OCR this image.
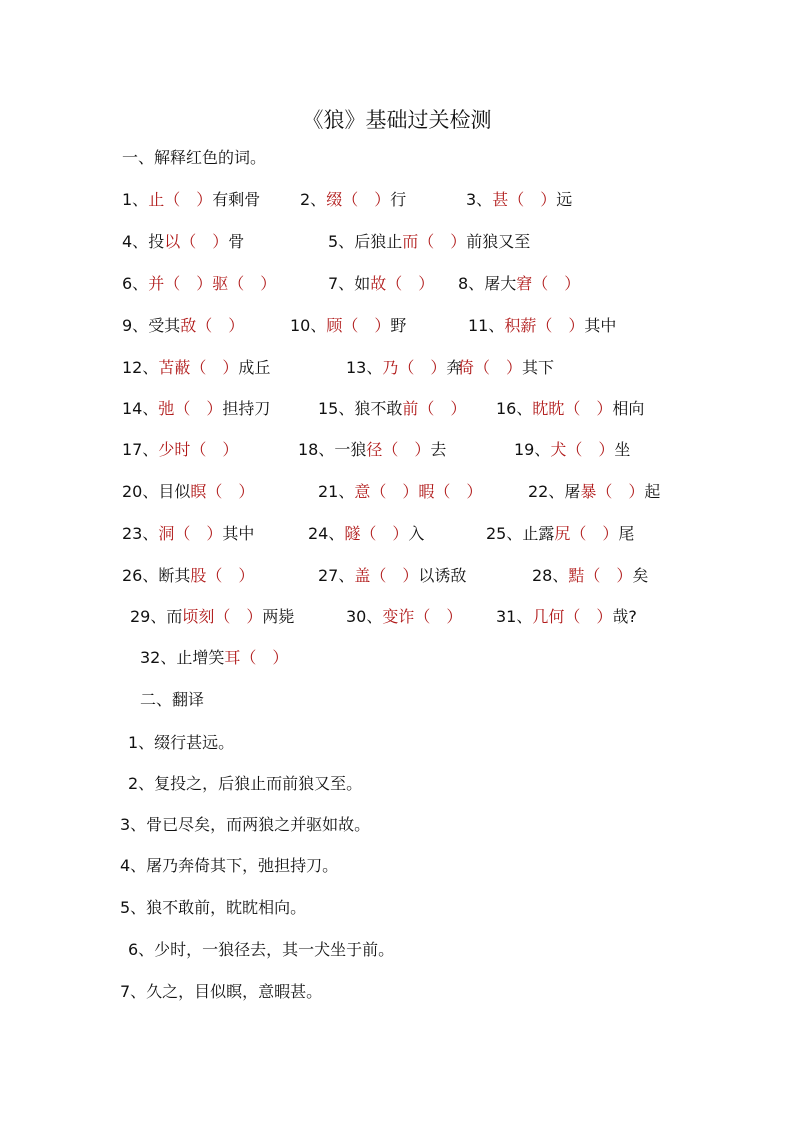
《狼》基础过关检测
一、解释红色的词。
1、止（　）有剩骨 2、缀（　）行	3、甚（　）远
4、投以（　）骨	5、后狼止而（　）前狼又至
6、并（　）驱（　）	7、如故（　） 8、屠大窘（　）
9、受其敌（　）	10、顾（　）野	11、积薪（　）其中
12、苫蔽（　）成丘	13、乃（　）奔
倚（　）其下
14、弛（　）担持刀	15、狼不敢前（　） 16、眈眈（　）相向
17、少时（　）	18、一狼径（　）去	19、犬（　）坐
20、目似瞑（　）	21、意（　）暇（　）	22、屠暴（　）起
23、洞（　）其中	24、隧（　）入	25、止露尻（　）尾
26、断其股（　）	27、盖（　）以诱敌	28、黠（　）矣
29、而顷刻（　）两毙	30、变诈（　） 31、几何（　）哉?
32、止增笑耳（　）
二、翻译
1、缀行甚远。
2、复投之，后狼止而前狼又至。
3、骨已尽矣，而两狼之并驱如故。
4、屠乃奔倚其下，弛担持刀。
5、狼不敢前，眈眈相向。
6、少时，一狼径去，其一犬坐于前。
7、久之，目似瞑，意暇甚。
